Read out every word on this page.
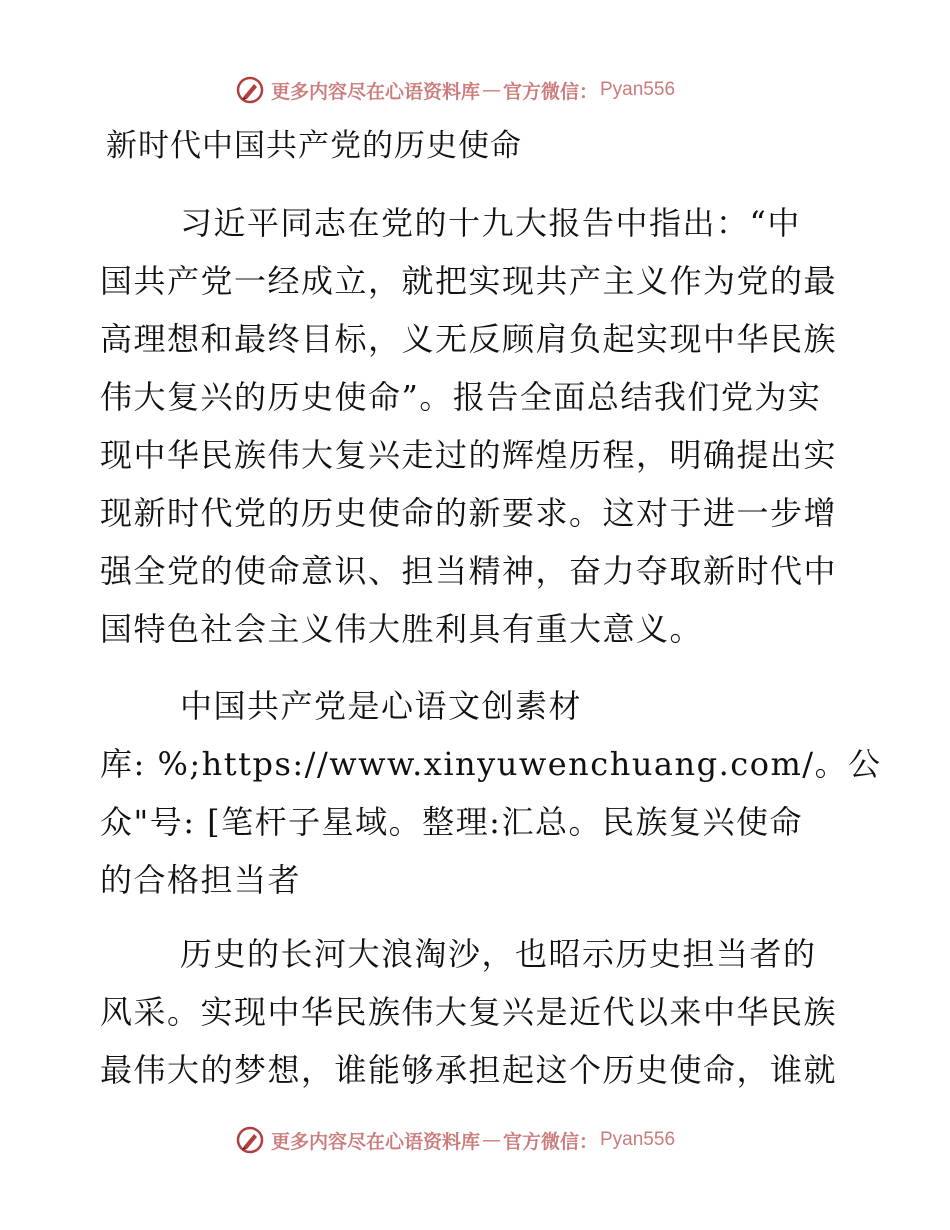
更多内容尽在心语资料库 — 官方微信： Pyan556
新时代中国共产党的历史使命
习近平同志在党的十九大报告中指出：“中
国共产党一经成立，就把实现共产主义作为党的最
高理想和最终目标，义无反顾肩负起实现中华民族
伟大复兴的历史使命”。报告全面总结我们党为实
现中华民族伟大复兴走过的辉煌历程，明确提出实
现新时代党的历史使命的新要求。这对于进一步增
强全党的使命意识、担当精神，奋力夺取新时代中
国特色社会主义伟大胜利具有重大意义。
中国共产党是心语文创素材
库: %;https://www.xinyuwenchuang.com/。公
众"号: [笔杆子星域。整理:汇总。民族复兴使命
的合格担当者
历史的长河大浪淘沙，也昭示历史担当者的
风采。实现中华民族伟大复兴是近代以来中华民族
最伟大的梦想，谁能够承担起这个历史使命，谁就
更多内容尽在心语资料库 — 官方微信： Pyan556
